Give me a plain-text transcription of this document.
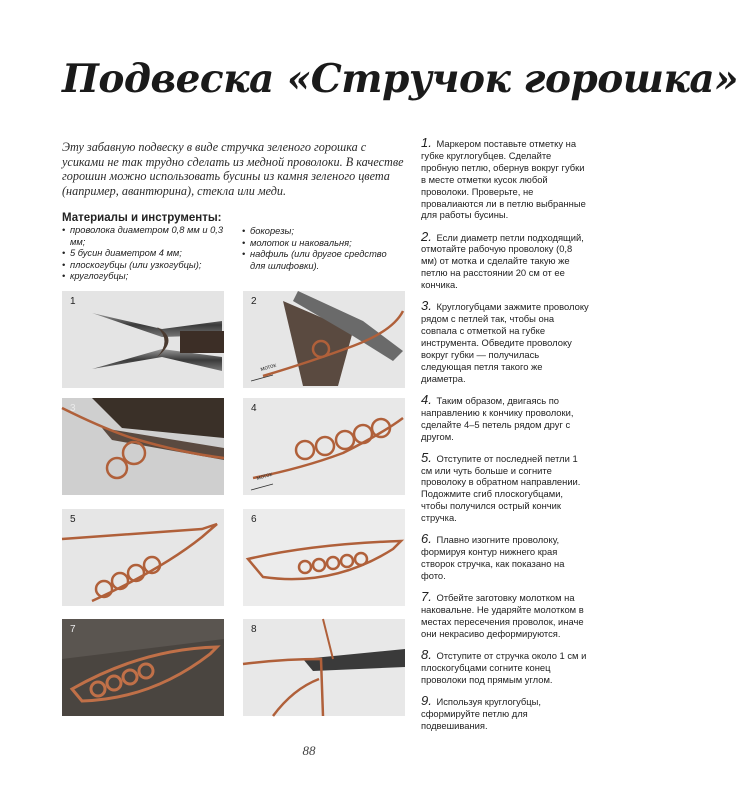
Подвеска «Стручок горошка»

Эту забавную подвеску в виде стручка зеленого горошка с усиками не так трудно сделать из медной проволоки. В качестве горошин можно использовать бусины из камня зеленого цвета (например, авантюрина), стекла или меди.

Материалы и инструменты:
• проволока диаметром 0,8 мм и 0,3 мм;
• 5 бусин диаметром 4 мм;
• плоскогубцы (или узкогубцы);
• круглогубцы;
• бокорезы;
• молоток и наковальня;
• надфиль (или другое средство для шлифовки).
1
моток
2
3
моток
4
5	6
7	8

1. Маркером поставьте отметку на губке круглогубцев. Сделайте пробную петлю, обернув вокруг губки в месте отметки кусок любой проволоки. Проверьте, не провалиаются ли в петлю выбранные для работы бусины.

2. Если диаметр петли подходящий, отмотайте рабочую проволоку (0,8 мм) от мотка и сделайте такую же петлю на расстоянии 20 см от ее кончика.

3. Круглогубцами зажмите проволоку рядом с петлей так, чтобы она совпала с отметкой на губке инструмента. Обведите проволоку вокруг губки — получилась следующая петля такого же диаметра.

4. Таким образом, двигаясь по направлению к кончику проволоки, сделайте 4–5 петель рядом друг с другом.

5. Отступите от последней петли 1 см или чуть больше и согните проволоку в обратном направлении. Подожмите сгиб плоскогубцами, чтобы получился острый кончик стручка.

6. Плавно изогните проволоку, формируя контур нижнего края створок стручка, как показано на фото.

7. Отбейте заготовку молотком на наковальне. Не ударяйте молотком в местах пересечения проволок, иначе они некрасиво деформируются.

8. Отступите от стручка около 1 см и плоскогубцами согните конец проволоки под прямым углом.

9. Используя круглогубцы, сформируйте петлю для подвешивания.

88
